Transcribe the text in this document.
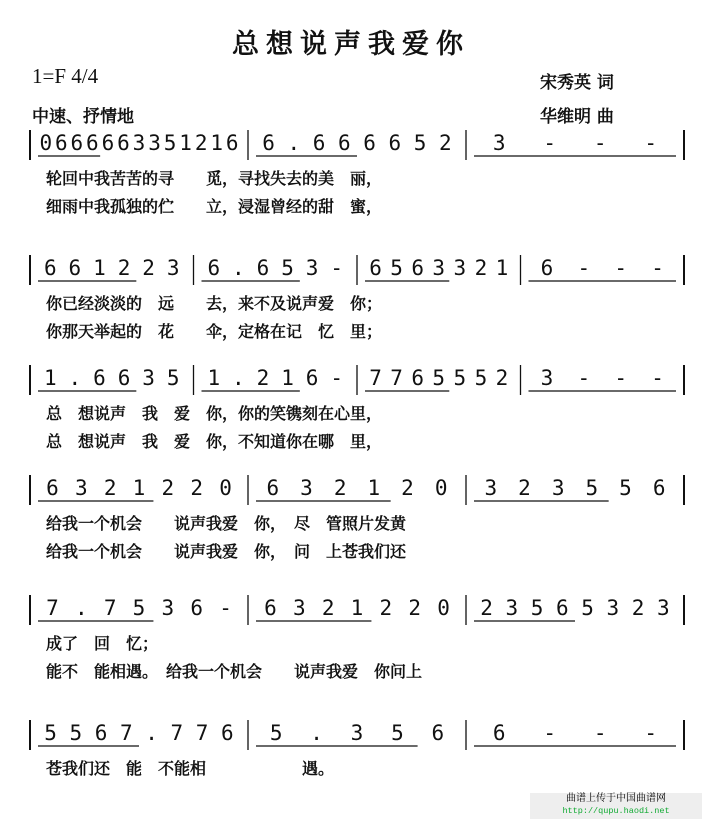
总想说声我爱你
1=F 4/4
中速、抒情地
宋秀英 词
华维明 曲
0 6 6 6 6 6 3 3 5 1 2 1 6 6 . 6 6 6 6 5 2 3 - - -
轮回中我苦苦的寻　　觅，寻找失去的美　丽，
细雨中我孤独的伫　　立，浸湿曾经的甜　蜜，
6 6 1 2 2 3 6 . 6 5 3 - 6 5 6 3 3 2 1 6 - - -
你已经淡淡的　远　　去，来不及说声爱　你；
你那天举起的　花　　伞，定格在记　忆　里；
1 . 6 6 3 5 1 . 2 1 6 - 7 7 6 5 5 5 2 3 - - -
总　想说声　我　爱　你，你的笑镌刻在心里，
总　想说声　我　爱　你，不知道你在哪　里，
6 3 2 1 2 2 0 6 3 2 1 2 0 3 2 3 5 5 6
给我一个机会　　说声我爱　你，　尽　管照片发黄
给我一个机会　　说声我爱　你，　问　上苍我们还
7 . 7 5 3 6 - 6 3 2 1 2 2 0 2 3 5 6 5 3 2 3
成了　回　忆；
能不　能相遇。　给我一个机会　　说声我爱　你问上
5 5 6 7 . 7 7 6 5 . 3 5 6 6 - - -
苍我们还　能　不能相　　　　　　遇。
曲谱上传于中国曲谱网
http://qupu.haodi.net
